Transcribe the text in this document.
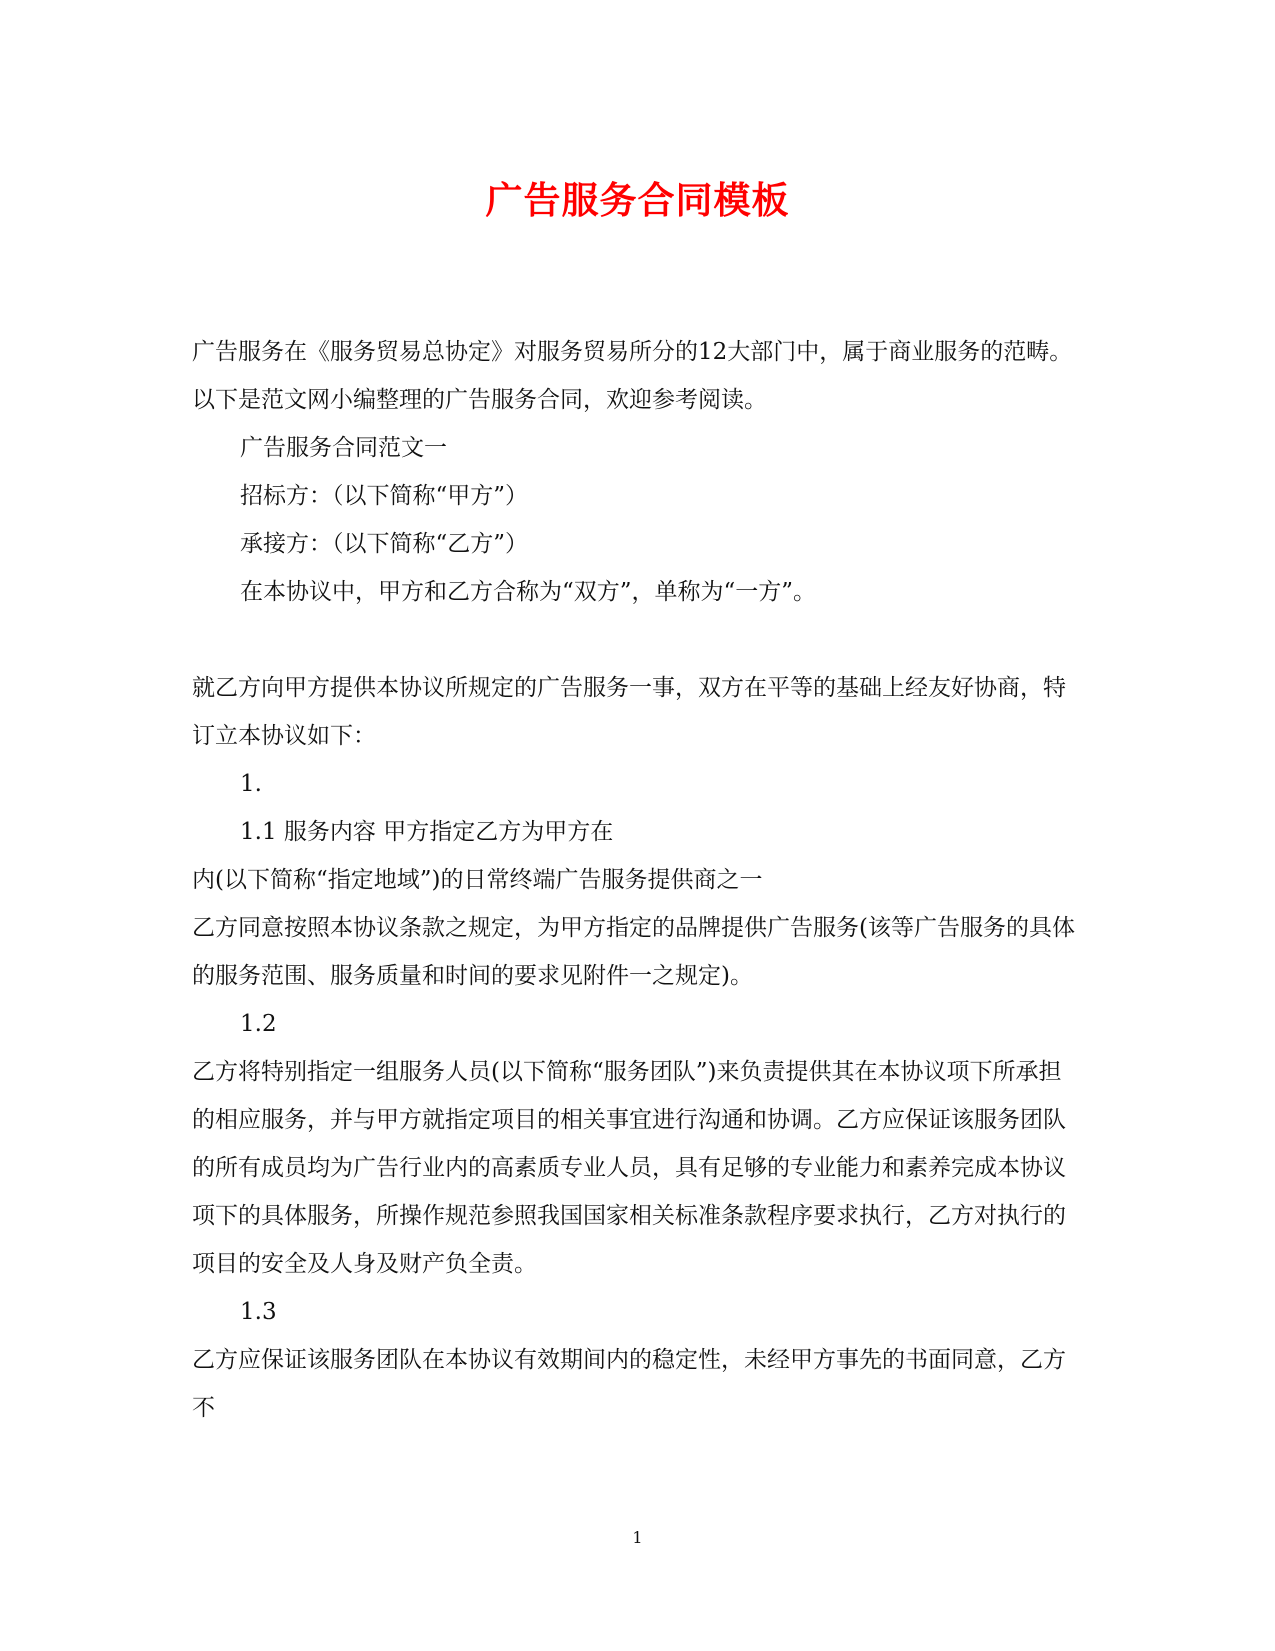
广告服务合同模板

广告服务在《服务贸易总协定》对服务贸易所分的12大部门中，属于商业服务的范畴。以下是范文网小编整理的广告服务合同，欢迎参考阅读。

广告服务合同范文一

招标方：（以下简称“甲方”）

承接方：（以下简称“乙方”）

在本协议中，甲方和乙方合称为“双方”，单称为“一方”。

就乙方向甲方提供本协议所规定的广告服务一事，双方在平等的基础上经友好协商，特订立本协议如下：

1.

1.1 服务内容 甲方指定乙方为甲方在

内(以下简称“指定地域”)的日常终端广告服务提供商之一

乙方同意按照本协议条款之规定，为甲方指定的品牌提供广告服务(该等广告服务的具体的服务范围、服务质量和时间的要求见附件一之规定)。

1.2

乙方将特别指定一组服务人员(以下简称“服务团队”)来负责提供其在本协议项下所承担的相应服务，并与甲方就指定项目的相关事宜进行沟通和协调。乙方应保证该服务团队的所有成员均为广告行业内的高素质专业人员，具有足够的专业能力和素养完成本协议项下的具体服务，所操作规范参照我国国家相关标准条款程序要求执行，乙方对执行的项目的安全及人身及财产负全责。

1.3

乙方应保证该服务团队在本协议有效期间内的稳定性，未经甲方事先的书面同意，乙方不

1
